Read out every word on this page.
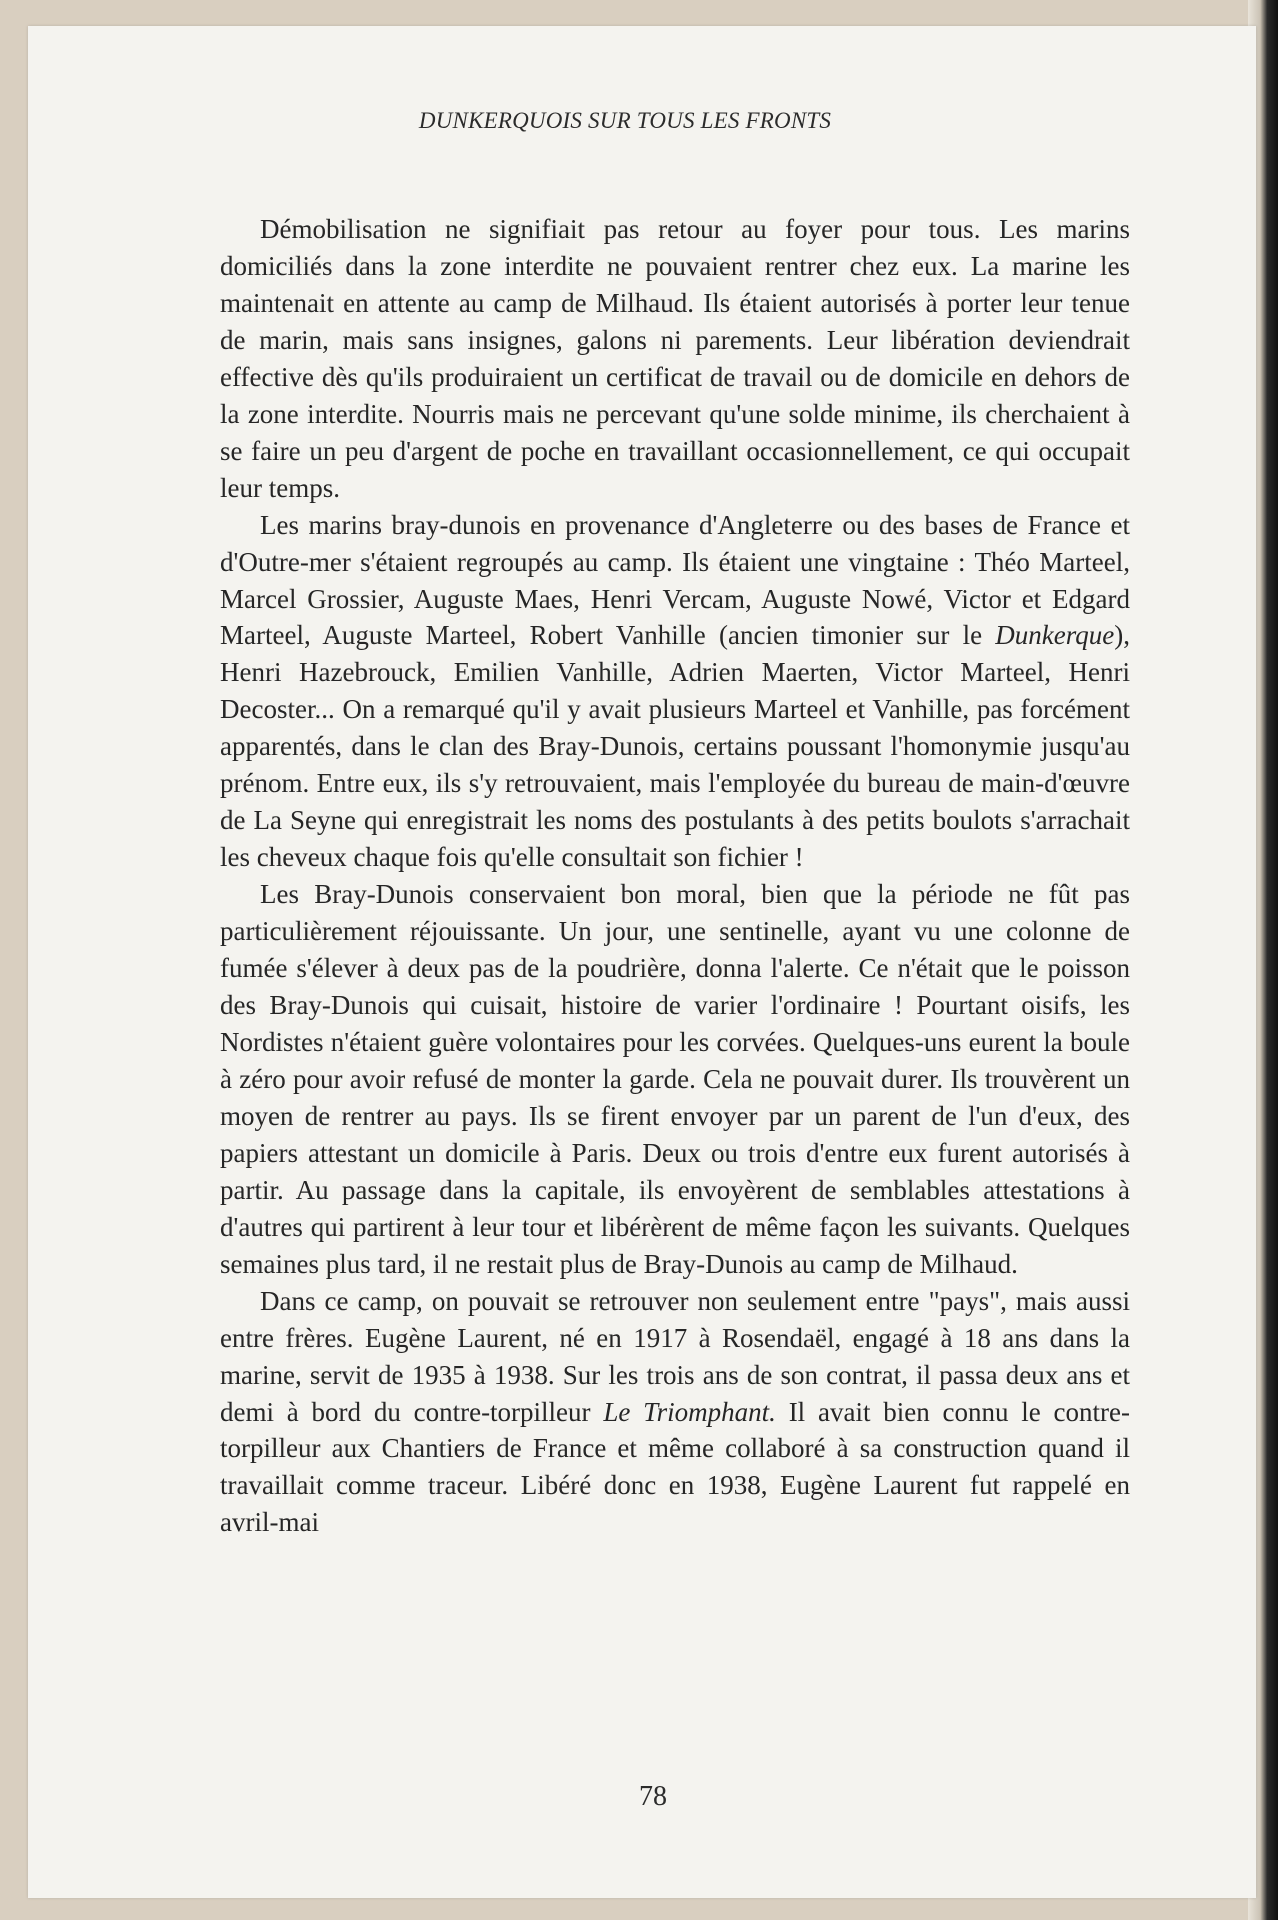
DUNKERQUOIS SUR TOUS LES FRONTS

Démobilisation ne signifiait pas retour au foyer pour tous. Les marins domiciliés dans la zone interdite ne pouvaient rentrer chez eux. La marine les maintenait en attente au camp de Milhaud. Ils étaient autorisés à porter leur tenue de marin, mais sans insignes, galons ni parements. Leur libération deviendrait effective dès qu'ils produiraient un certificat de travail ou de domicile en dehors de la zone interdite. Nourris mais ne percevant qu'une solde minime, ils cherchaient à se faire un peu d'argent de poche en travaillant occasionnellement, ce qui occupait leur temps.

Les marins bray-dunois en provenance d'Angleterre ou des bases de France et d'Outre-mer s'étaient regroupés au camp. Ils étaient une vingtaine : Théo Marteel, Marcel Grossier, Auguste Maes, Henri Vercam, Auguste Nowé, Victor et Edgard Marteel, Auguste Marteel, Robert Vanhille (ancien timonier sur le Dunkerque), Henri Hazebrouck, Emilien Vanhille, Adrien Maerten, Victor Marteel, Henri Decoster... On a remarqué qu'il y avait plusieurs Marteel et Vanhille, pas forcément apparentés, dans le clan des Bray-Dunois, certains poussant l'homonymie jusqu'au prénom. Entre eux, ils s'y retrouvaient, mais l'employée du bureau de main-d'œuvre de La Seyne qui enregistrait les noms des postulants à des petits boulots s'arrachait les cheveux chaque fois qu'elle consultait son fichier !

Les Bray-Dunois conservaient bon moral, bien que la période ne fût pas particulièrement réjouissante. Un jour, une sentinelle, ayant vu une colonne de fumée s'élever à deux pas de la poudrière, donna l'alerte. Ce n'était que le poisson des Bray-Dunois qui cuisait, histoire de varier l'ordinaire ! Pourtant oisifs, les Nordistes n'étaient guère volontaires pour les corvées. Quelques-uns eurent la boule à zéro pour avoir refusé de monter la garde. Cela ne pouvait durer. Ils trouvèrent un moyen de rentrer au pays. Ils se firent envoyer par un parent de l'un d'eux, des papiers attestant un domicile à Paris. Deux ou trois d'entre eux furent autorisés à partir. Au passage dans la capitale, ils envoyèrent de semblables attestations à d'autres qui partirent à leur tour et libérèrent de même façon les suivants. Quelques semaines plus tard, il ne restait plus de Bray-Dunois au camp de Milhaud.

Dans ce camp, on pouvait se retrouver non seulement entre "pays", mais aussi entre frères. Eugène Laurent, né en 1917 à Rosendaël, engagé à 18 ans dans la marine, servit de 1935 à 1938. Sur les trois ans de son contrat, il passa deux ans et demi à bord du contre-torpilleur Le Triomphant. Il avait bien connu le contre-torpilleur aux Chantiers de France et même collaboré à sa construction quand il travaillait comme traceur. Libéré donc en 1938, Eugène Laurent fut rappelé en avril-mai

78
